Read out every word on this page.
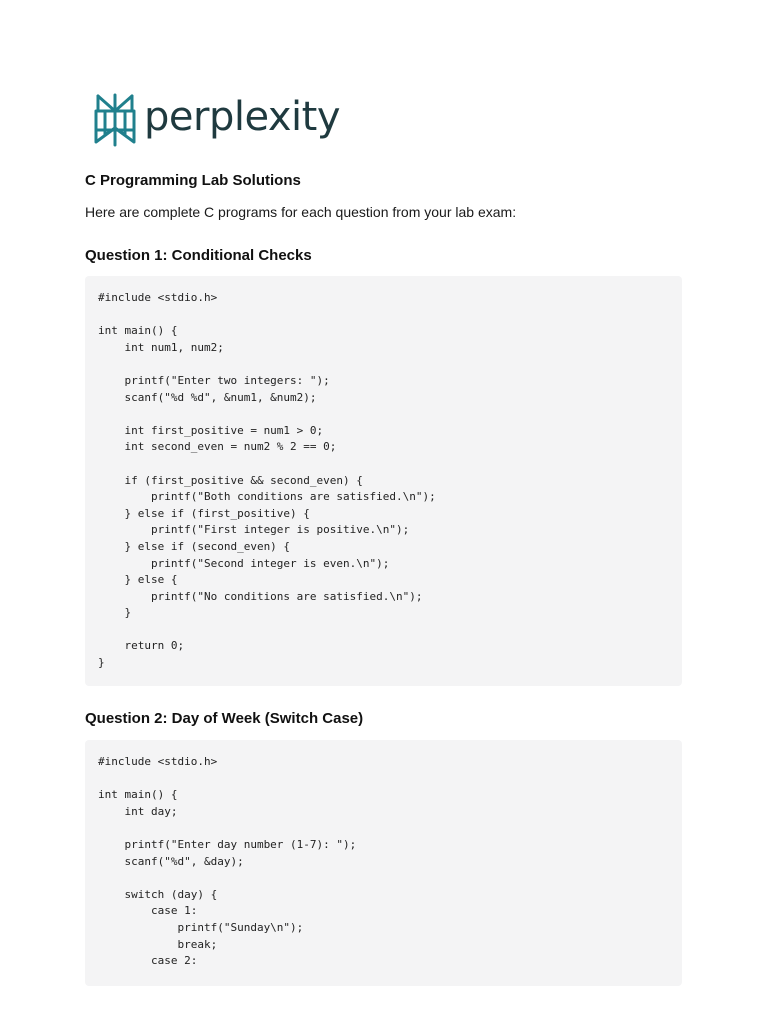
perplexity
C Programming Lab Solutions

Here are complete C programs for each question from your lab exam:

Question 1: Conditional Checks
#include <stdio.h>

int main() {
int num1, num2;

printf("Enter two integers: ");
scanf("%d %d", &num1, &num2);

int first_positive = num1 > 0;
int second_even = num2 % 2 == 0;

if (first_positive && second_even) {
printf("Both conditions are satisfied.\n");
} else if (first_positive) {
printf("First integer is positive.\n");
} else if (second_even) {
printf("Second integer is even.\n");
} else {
printf("No conditions are satisfied.\n");
}

return 0;
}
Question 2: Day of Week (Switch Case)
#include <stdio.h>

int main() {
int day;

printf("Enter day number (1-7): ");
scanf("%d", &day);

switch (day) {
case 1:
printf("Sunday\n");
break;
case 2:
